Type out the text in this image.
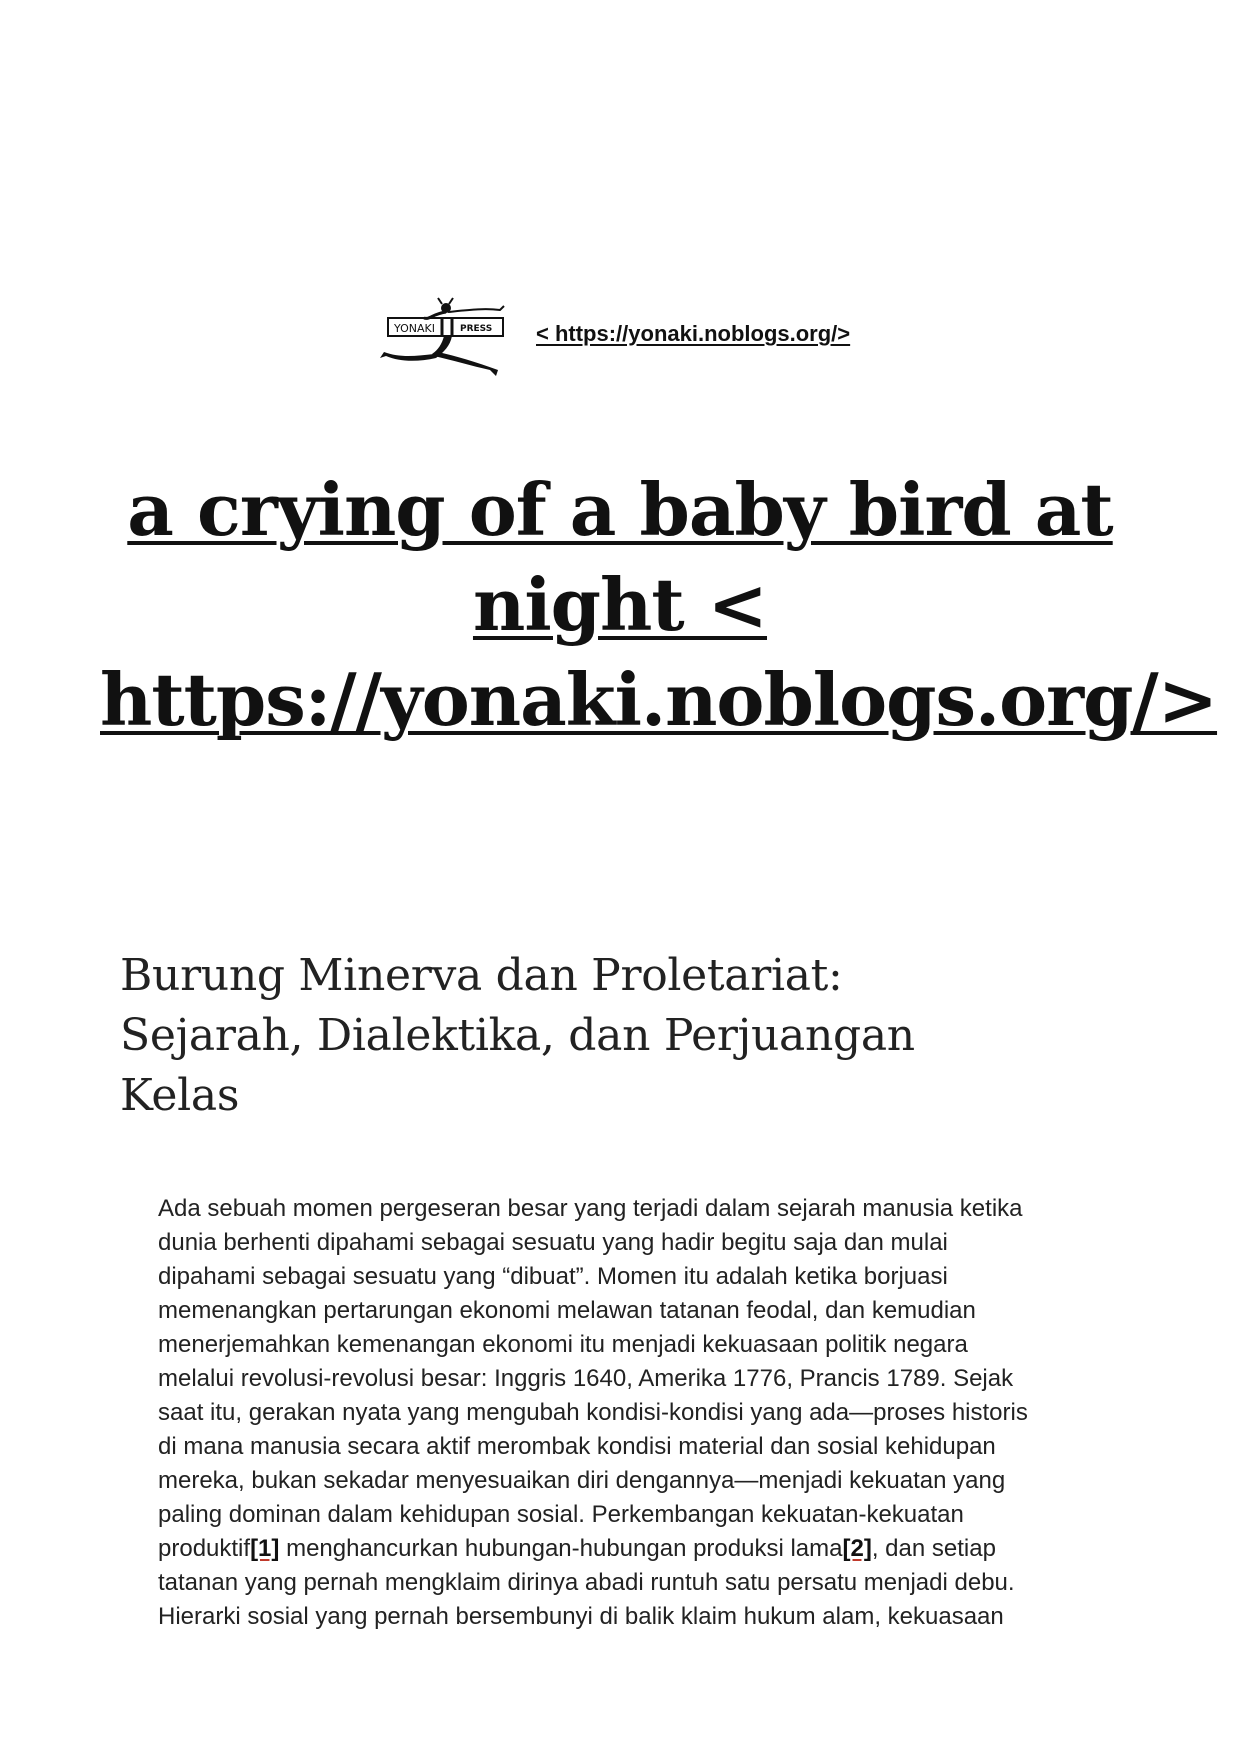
YONAKI	PRESS < https://yonaki.noblogs.org/>
a crying of a baby bird at
night <
https://yonaki.noblogs.org/>
Burung Minerva dan Proletariat:
Sejarah, Dialektika, dan Perjuangan
Kelas
Ada sebuah momen pergeseran besar yang terjadi dalam sejarah manusia ketika
dunia berhenti dipahami sebagai sesuatu yang hadir begitu saja dan mulai
dipahami sebagai sesuatu yang “dibuat”. Momen itu adalah ketika borjuasi
memenangkan pertarungan ekonomi melawan tatanan feodal, dan kemudian
menerjemahkan kemenangan ekonomi itu menjadi kekuasaan politik negara
melalui revolusi-revolusi besar: Inggris 1640, Amerika 1776, Prancis 1789. Sejak
saat itu, gerakan nyata yang mengubah kondisi-kondisi yang ada—proses historis
di mana manusia secara aktif merombak kondisi material dan sosial kehidupan
mereka, bukan sekadar menyesuaikan diri dengannya—menjadi kekuatan yang
paling dominan dalam kehidupan sosial. Perkembangan kekuatan-kekuatan
produktif[1] menghancurkan hubungan-hubungan produksi lama[2], dan setiap
tatanan yang pernah mengklaim dirinya abadi runtuh satu persatu menjadi debu.
Hierarki sosial yang pernah bersembunyi di balik klaim hukum alam, kekuasaan
